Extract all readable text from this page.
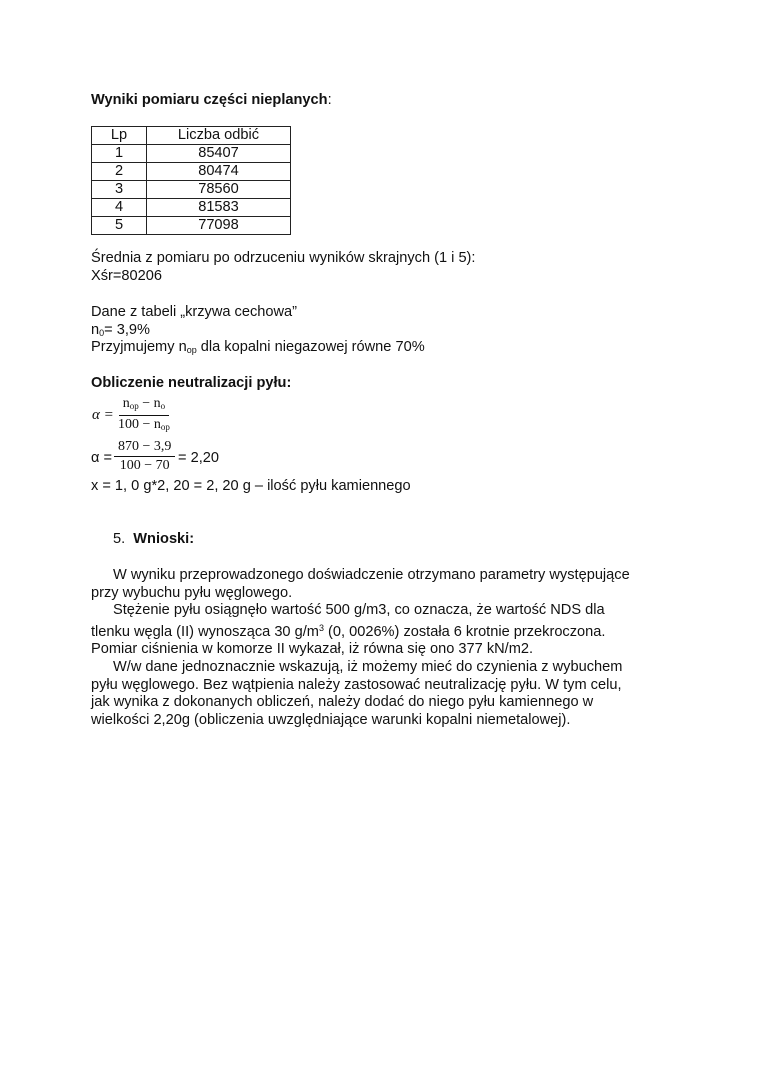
Wyniki pomiaru części nieplanych:
Lp	Liczba odbić
1	85407
2	80474
3	78560
4	81583
5	77098
Średnia z pomiaru po odrzuceniu wyników skrajnych (1 i 5):
Xśr=80206
Dane z tabeli „krzywa cechowa”
$n_0= 3,9\%$
Przyjmujemy $n_{op}$ dla kopalni niegazowej równe 70%
Obliczenie neutralizacji pyłu:
α =
$n_{op} - n_o$
$100 - n_{op}$
$\alpha = \frac{870 - 3,9}{100 - 70} = 2,20$
x = 1, 0 g*2, 20 = 2, 20 g – ilość pyłu kamiennego
5. Wnioski:
W wyniku przeprowadzonego doświadczenie otrzymano parametry występujące
przy wybuchu pyłu węglowego.
Stężenie pyłu osiągnęło wartość 500 g/m3, co oznacza, że wartość NDS dla
tlenku węgla (II) wynosząca 30 $g/m^3$ (0, 0026%) została 6 krotnie przekroczona.
Pomiar ciśnienia w komorze II wykazał, iż równa się ono 377 kN/m2.
W/w dane jednoznacznie wskazują, iż możemy mieć do czynienia z wybuchem
pyłu węglowego. Bez wątpienia należy zastosować neutralizację pyłu. W tym celu,
jak wynika z dokonanych obliczeń, należy dodać do niego pyłu kamiennego w
wielkości 2,20g (obliczenia uwzględniające warunki kopalni niemetalowej).
